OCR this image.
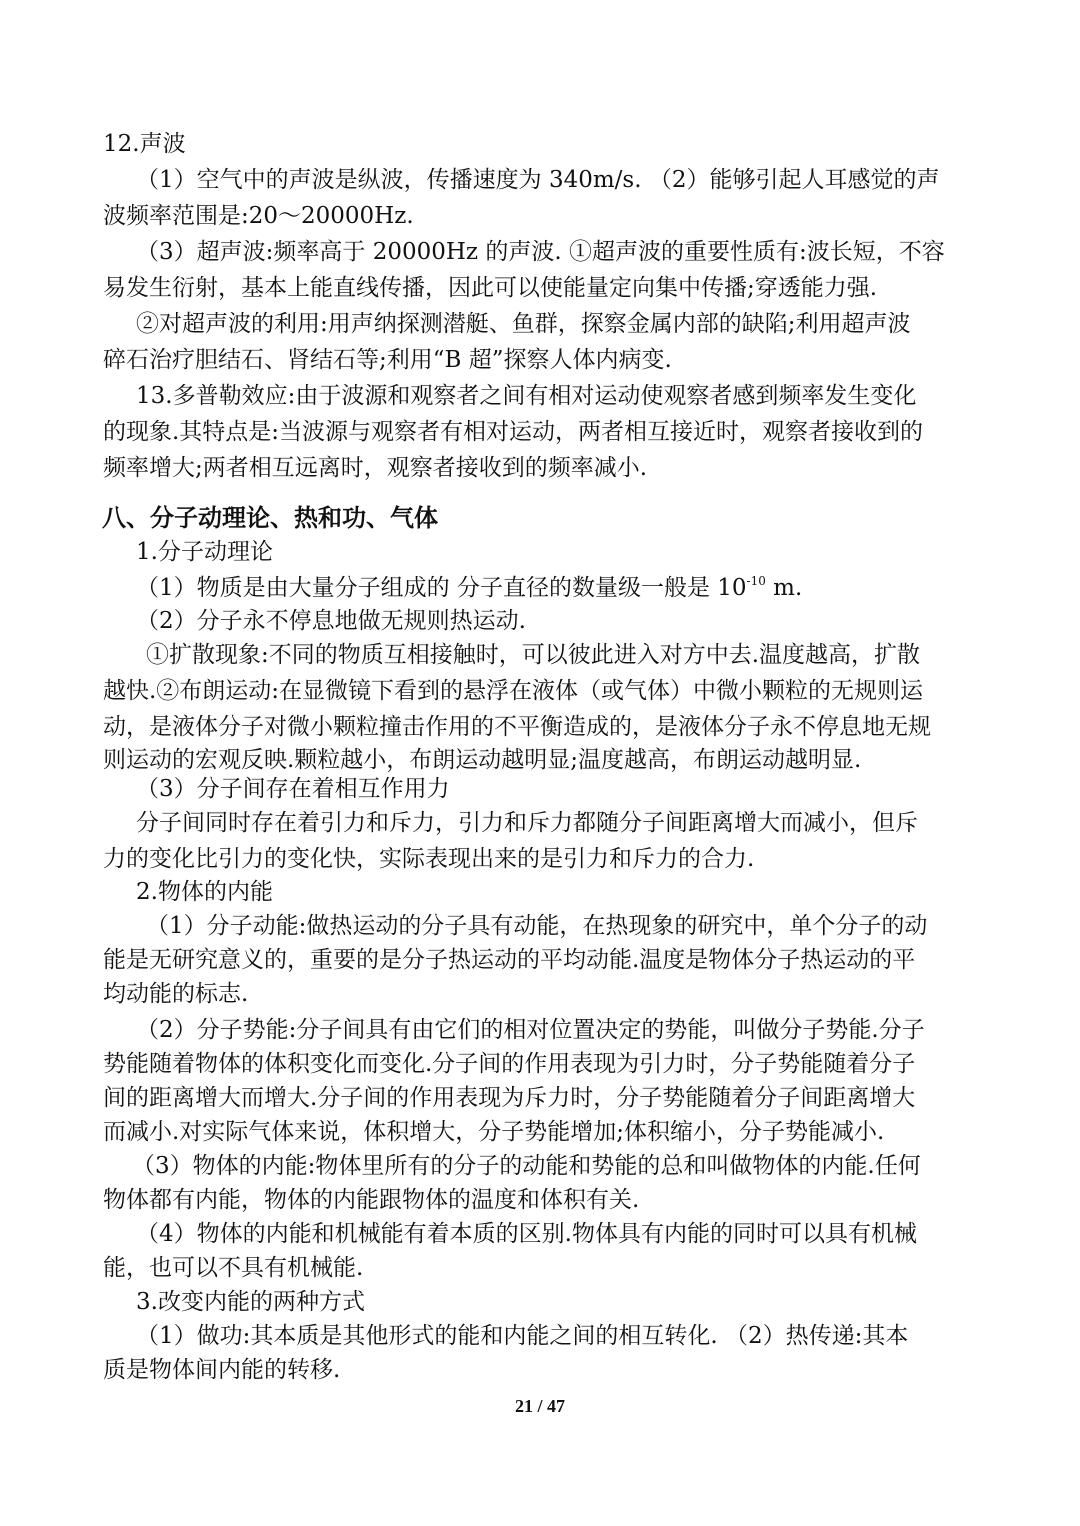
12.声波

（1）空气中的声波是纵波，传播速度为 340m/s. （2）能够引起人耳感觉的声

波频率范围是:20～20000Hz.

（3）超声波:频率高于 20000Hz 的声波. ①超声波的重要性质有:波长短，不容

易发生衍射，基本上能直线传播，因此可以使能量定向集中传播;穿透能力强.

②对超声波的利用:用声纳探测潜艇、鱼群，探察金属内部的缺陷;利用超声波

碎石治疗胆结石、肾结石等;利用“B 超”探察人体内病变.

13.多普勒效应:由于波源和观察者之间有相对运动使观察者感到频率发生变化

的现象.其特点是:当波源与观察者有相对运动，两者相互接近时，观察者接收到的

频率增大;两者相互远离时，观察者接收到的频率减小.

八、分子动理论、热和功、气体

1.分子动理论

（1）物质是由大量分子组成的 分子直径的数量级一般是 $10^{-10}$ m.

（2）分子永不停息地做无规则热运动.

①扩散现象:不同的物质互相接触时，可以彼此进入对方中去.温度越高，扩散

越快.②布朗运动:在显微镜下看到的悬浮在液体（或气体）中微小颗粒的无规则运

动，是液体分子对微小颗粒撞击作用的不平衡造成的，是液体分子永不停息地无规

则运动的宏观反映.颗粒越小，布朗运动越明显;温度越高，布朗运动越明显.

（3）分子间存在着相互作用力

分子间同时存在着引力和斥力，引力和斥力都随分子间距离增大而减小，但斥

力的变化比引力的变化快，实际表现出来的是引力和斥力的合力.

2.物体的内能

（1）分子动能:做热运动的分子具有动能，在热现象的研究中，单个分子的动

能是无研究意义的，重要的是分子热运动的平均动能.温度是物体分子热运动的平

均动能的标志.

（2）分子势能:分子间具有由它们的相对位置决定的势能，叫做分子势能.分子

势能随着物体的体积变化而变化.分子间的作用表现为引力时，分子势能随着分子

间的距离增大而增大.分子间的作用表现为斥力时，分子势能随着分子间距离增大

而减小.对实际气体来说，体积增大，分子势能增加;体积缩小，分子势能减小.

（3）物体的内能:物体里所有的分子的动能和势能的总和叫做物体的内能.任何

物体都有内能，物体的内能跟物体的温度和体积有关.

（4）物体的内能和机械能有着本质的区别.物体具有内能的同时可以具有机械

能，也可以不具有机械能.

3.改变内能的两种方式

（1）做功:其本质是其他形式的能和内能之间的相互转化. （2）热传递:其本

质是物体间内能的转移.

21 / 47
